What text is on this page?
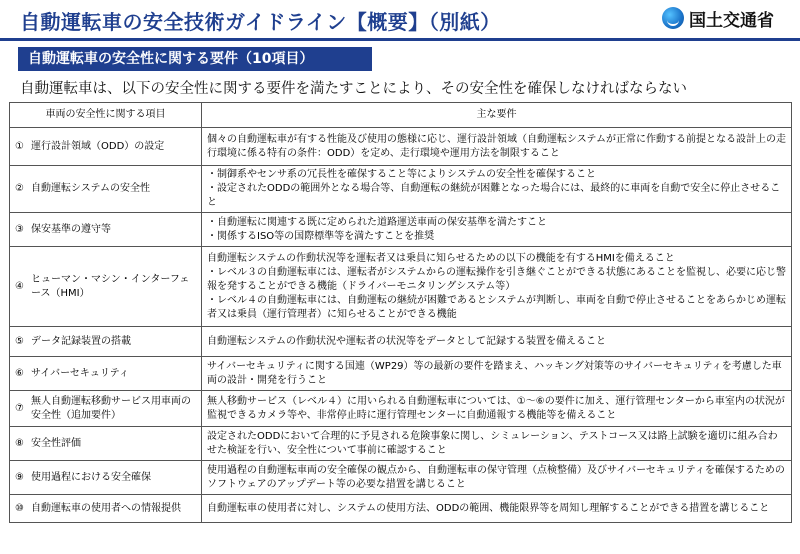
自動運転車の安全技術ガイドライン【概要】（別紙）	国土交通省
自動運転車の安全性に関する要件（10項目）
自動運転車は、以下の安全性に関する要件を満たすことにより、その安全性を確保しなければならない
車両の安全性に関する項目	主な要件

① 運行設計領域（ODD）の設定	個々の自動運転車が有する性能及び使用の態様に応じ、運行設計領域（自動運転システムが正常に作動する前提となる設計上の走行環境に係る特有の条件：ODD）を定め、走行環境や運用方法を制限すること

② 自動運転システムの安全性	・制御系やセンサ系の冗長性を確保すること等によりシステムの安全性を確保すること
・設定されたODDの範囲外となる場合等、自動運転の継続が困難となった場合には、最終的に車両を自動で安全に停止させること

③ 保安基準の遵守等	・自動運転に関連する既に定められた道路運送車両の保安基準を満たすこと
・関係するISO等の国際標準等を満たすことを推奨

④
ヒューマン・マシン・インターフェース（HMI）	自動運転システムの作動状況等を運転者又は乗員に知らせるための以下の機能を有するHMIを備えること
・レベル３の自動運転車には、運転者がシステムからの運転操作を引き継ぐことができる状態にあることを監視し、必要に応じ警報を発することができる機能（ドライバーモニタリングシステム等）
・レベル４の自動運転車には、自動運転の継続が困難であるとシステムが判断し、車両を自動で停止させることをあらかじめ運転者又は乗員（運行管理者）に知らせることができる機能

⑤ データ記録装置の搭載	自動運転システムの作動状況や運転者の状況等をデータとして記録する装置を備えること

⑥ サイバーセキュリティ	サイバーセキュリティに関する国連（WP29）等の最新の要件を踏まえ、ハッキング対策等のサイバーセキュリティを考慮した車両の設計・開発を行うこと

⑦
無人自動運転移動サービス用車両の安全性（追加要件）	無人移動サービス（レベル４）に用いられる自動運転車については、①～⑥の要件に加え、運行管理センターから車室内の状況が監視できるカメラ等や、非常停止時に運行管理センターに自動通報する機能等を備えること

⑧ 安全性評価	設定されたODDにおいて合理的に予見される危険事象に関し、シミュレーション、テストコース又は路上試験を適切に組み合わせた検証を行い、安全性について事前に確認すること

⑨ 使用過程における安全確保	使用過程の自動運転車両の安全確保の観点から、自動運転車の保守管理（点検整備）及びサイバーセキュリティを確保するためのソフトウェアのアップデート等の必要な措置を講じること

⑩ 自動運転車の使用者への情報提供	自動運転車の使用者に対し、システムの使用方法、ODDの範囲、機能限界等を周知し理解することができる措置を講じること
